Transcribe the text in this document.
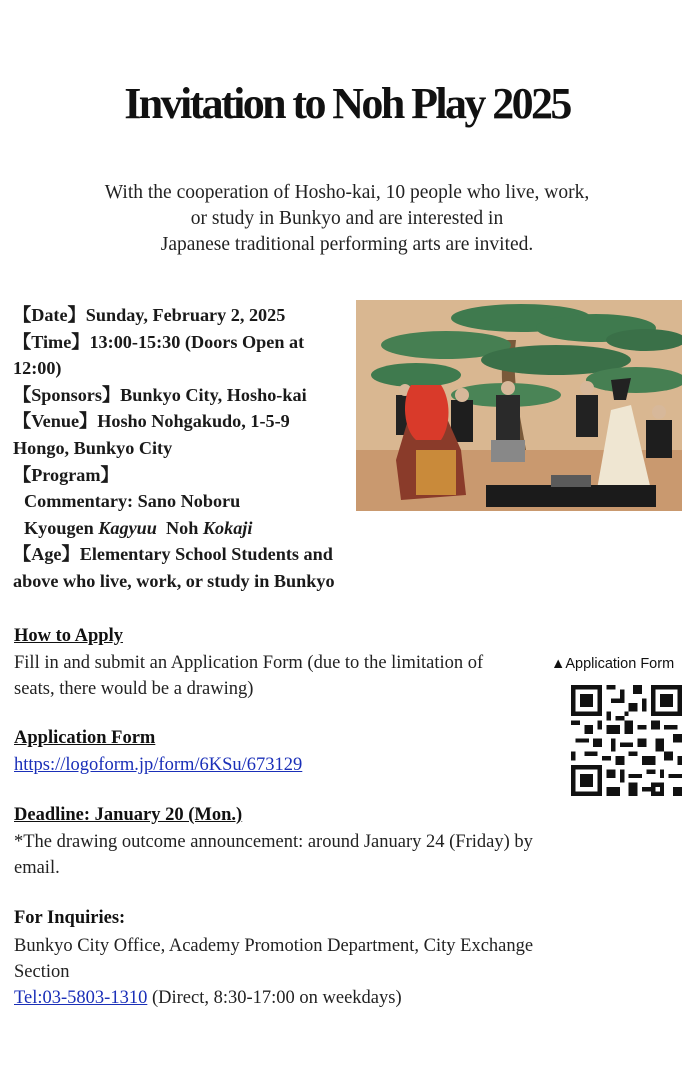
Invitation to Noh Play 2025
With the cooperation of Hosho-kai, 10 people who live, work,
or study in Bunkyo and are interested in
Japanese traditional performing arts are invited.
【Date】Sunday, February 2, 2025
【Time】13:00-15:30 (Doors Open at
12:00)
【Sponsors】Bunkyo City, Hosho-kai
【Venue】Hosho Nohgakudo, 1-5-9
Hongo, Bunkyo City
【Program】
Commentary: Sano Noboru
Kyougen Kagyuu  Noh Kokaji
【Age】Elementary School Students and
above who live, work, or study in Bunkyo
How to Apply
Fill in and submit an Application Form (due to the limitation of
seats, there would be a drawing)
▲Application Form
Application Form
https://logoform.jp/form/6KSu/673129
Deadline: January 20 (Mon.)
*The drawing outcome announcement: around January 24 (Friday) by
email.
For Inquiries:
Bunkyo City Office, Academy Promotion Department, City Exchange
Section
Tel:03-5803-1310 (Direct, 8:30-17:00 on weekdays)
